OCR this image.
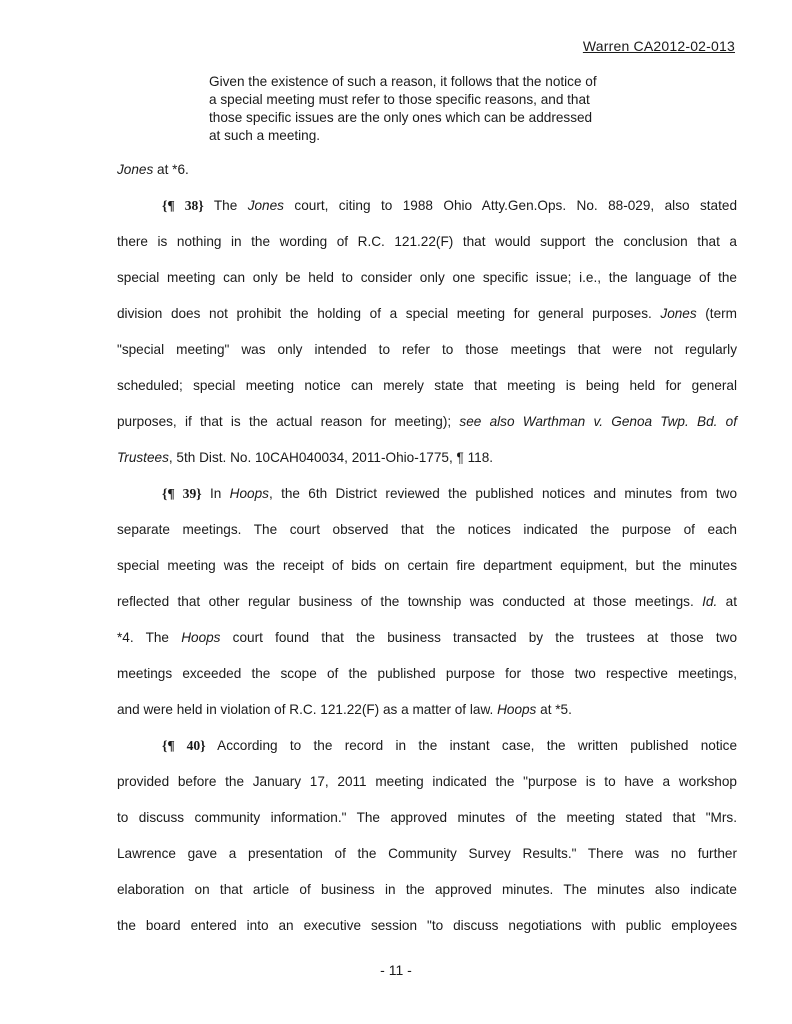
Warren CA2012-02-013
Given the existence of such a reason, it follows that the notice of
a special meeting must refer to those specific reasons, and that
those specific issues are the only ones which can be addressed
at such a meeting.
Jones at *6.
{¶ 38} The Jones court, citing to 1988 Ohio Atty.Gen.Ops. No. 88-029, also stated
there is nothing in the wording of R.C. 121.22(F) that would support the conclusion that a
special meeting can only be held to consider only one specific issue; i.e., the language of the
division does not prohibit the holding of a special meeting for general purposes. Jones (term
"special meeting" was only intended to refer to those meetings that were not regularly
scheduled; special meeting notice can merely state that meeting is being held for general
purposes, if that is the actual reason for meeting); see also Warthman v. Genoa Twp. Bd. of
Trustees, 5th Dist. No. 10CAH040034, 2011-Ohio-1775, ¶ 118.
{¶ 39} In Hoops, the 6th District reviewed the published notices and minutes from two
separate meetings. The court observed that the notices indicated the purpose of each
special meeting was the receipt of bids on certain fire department equipment, but the minutes
reflected that other regular business of the township was conducted at those meetings. Id. at
*4. The Hoops court found that the business transacted by the trustees at those two
meetings exceeded the scope of the published purpose for those two respective meetings,
and were held in violation of R.C. 121.22(F) as a matter of law. Hoops at *5.
{¶ 40} According to the record in the instant case, the written published notice
provided before the January 17, 2011 meeting indicated the "purpose is to have a workshop
to discuss community information." The approved minutes of the meeting stated that "Mrs.
Lawrence gave a presentation of the Community Survey Results." There was no further
elaboration on that article of business in the approved minutes. The minutes also indicate
the board entered into an executive session "to discuss negotiations with public employees
- 11 -
